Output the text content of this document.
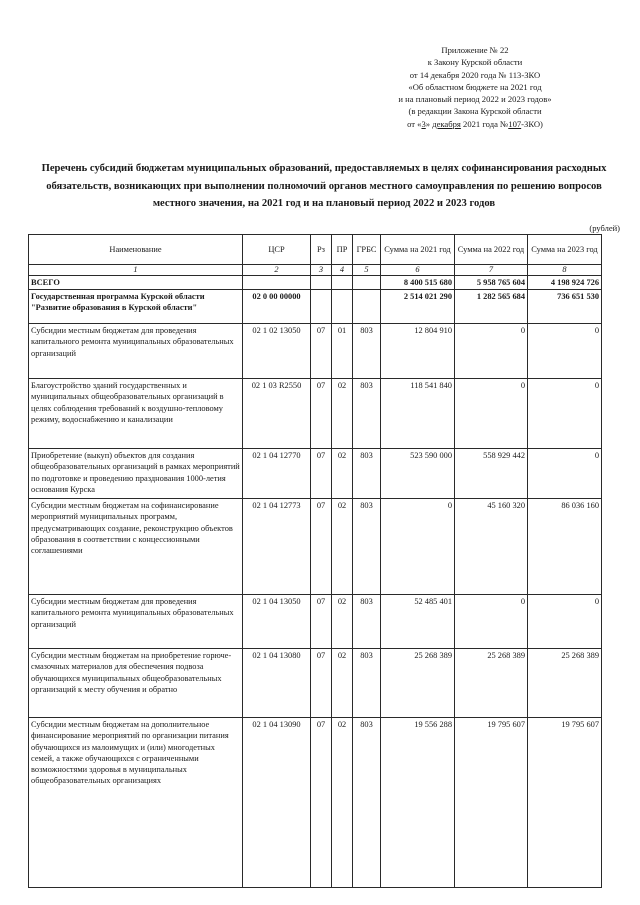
Приложение № 22
к Закону Курской области
от 14 декабря 2020 года № 113-ЗКО
«Об областном бюджете на 2021 год
и на плановый период 2022 и 2023 годов»
(в редакции Закона Курской области
от «3» декабря 2021 года №107-ЗКО)
Перечень субсидий бюджетам муниципальных образований, предоставляемых в целях софинансирования расходных обязательств, возникающих при выполнении полномочий органов местного самоуправления по решению вопросов местного значения, на 2021 год и на плановый период 2022 и 2023 годов
(рублей)
Наименование	ЦСР	Рз	ПР	ГРБС	Сумма на 2021 год	Сумма на 2022 год	Сумма на 2023 год
1	2	3	4	5	6	7	8
ВСЕГО					8 400 515 680	5 958 765 604	4 198 924 726
Государственная программа Курской области "Развитие образования в Курской области"	02 0 00 00000				2 514 021 290	1 282 565 684	736 651 530
Субсидии местным бюджетам для проведения капитального ремонта муниципальных образовательных организаций	02 1 02 13050	07	01	803	12 804 910	0	0
Благоустройство зданий государственных и муниципальных общеобразовательных организаций в целях соблюдения требований к воздушно-тепловому режиму, водоснабжению и канализации	02 1 03 R2550	07	02	803	118 541 840	0	0
Приобретение (выкуп) объектов для создания общеобразовательных организаций в рамках мероприятий по подготовке и проведению празднования 1000-летия основания Курска	02 1 04 12770	07	02	803	523 590 000	558 929 442	0
Субсидии местным бюджетам на софинансирование мероприятий муниципальных программ, предусматривающих создание, реконструкцию объектов образования в соответствии с концессионными соглашениями	02 1 04 12773	07	02	803	0	45 160 320	86 036 160
Субсидии местным бюджетам для проведения капитального ремонта муниципальных образовательных организаций	02 1 04 13050	07	02	803	52 485 401	0	0
Субсидии местным бюджетам на приобретение горюче-смазочных материалов для обеспечения подвоза обучающихся муниципальных общеобразовательных организаций к месту обучения и обратно	02 1 04 13080	07	02	803	25 268 389	25 268 389	25 268 389
Субсидии местным бюджетам на дополнительное финансирование мероприятий по организации питания обучающихся из малоимущих и (или) многодетных семей, а также обучающихся с ограниченными возможностями здоровья в муниципальных общеобразовательных организациях	02 1 04 13090	07	02	803	19 556 288	19 795 607	19 795 607
